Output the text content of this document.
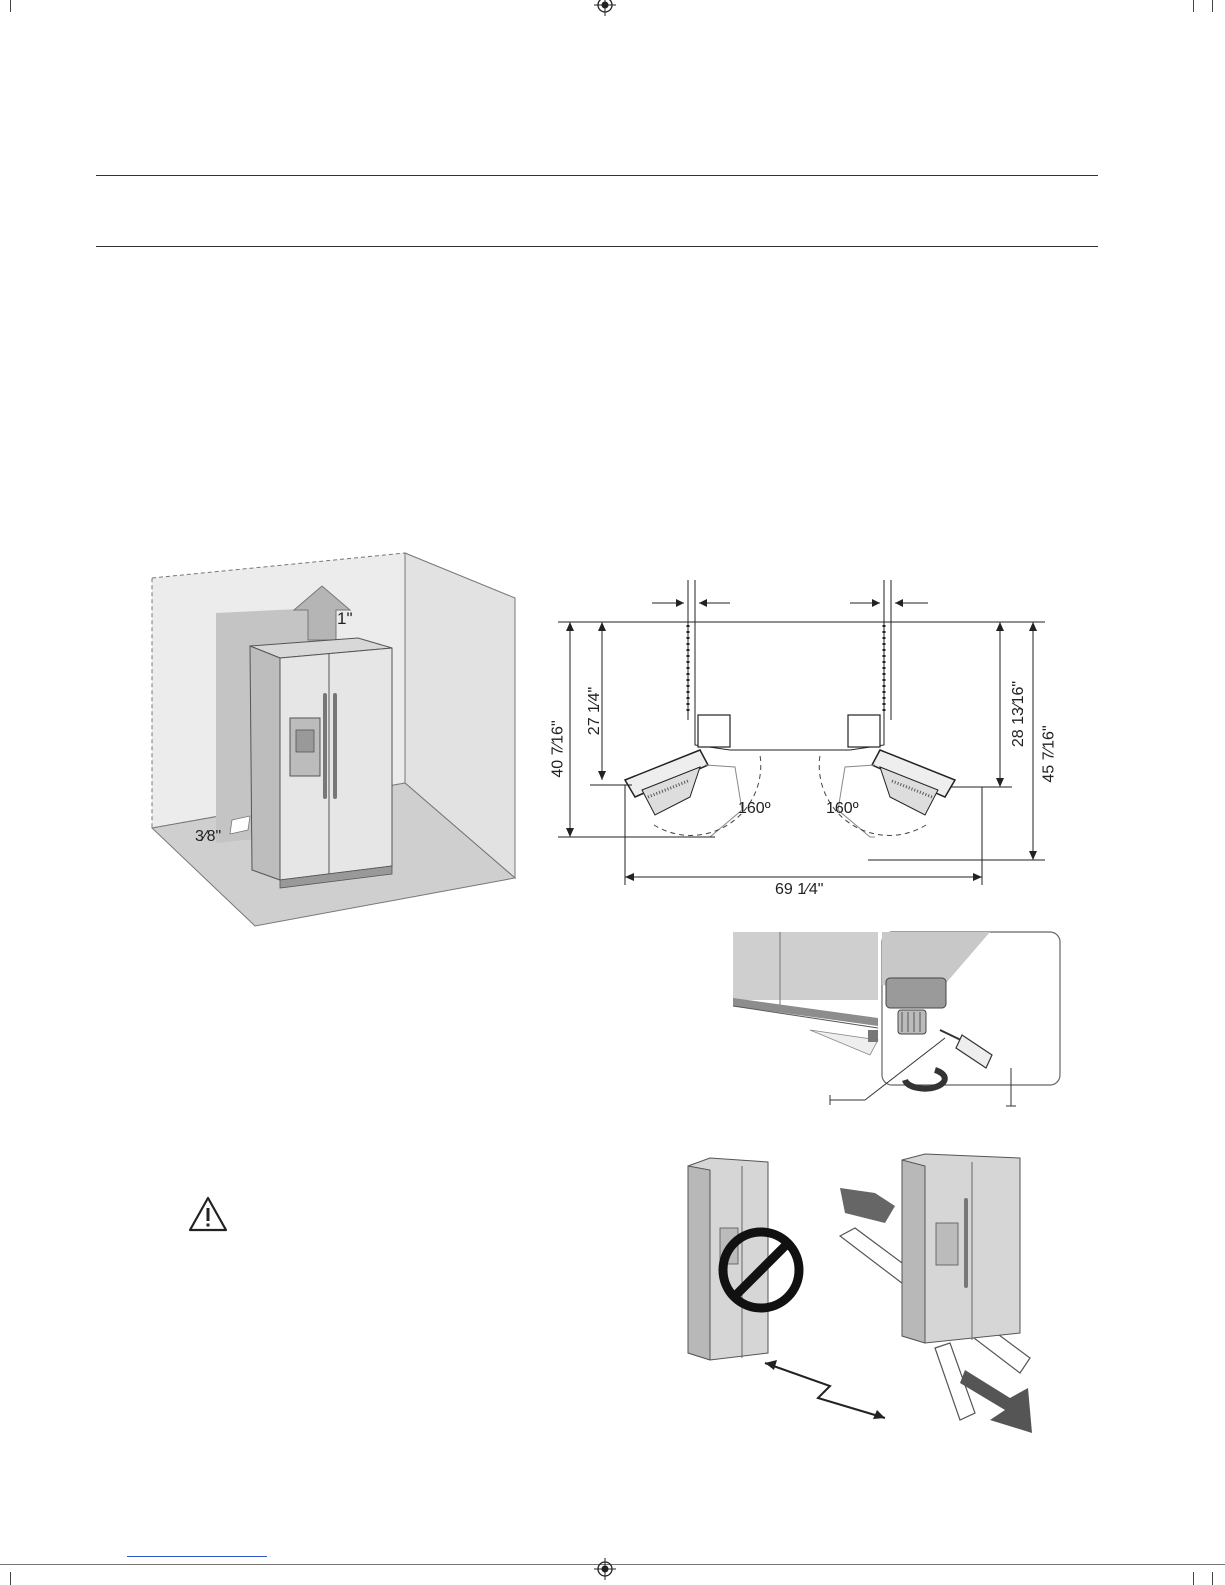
1"
3⁄8"
40 7⁄16"
27 1⁄4"	28 13⁄16"
45 7⁄16"
160º	160º
69 1⁄4"
